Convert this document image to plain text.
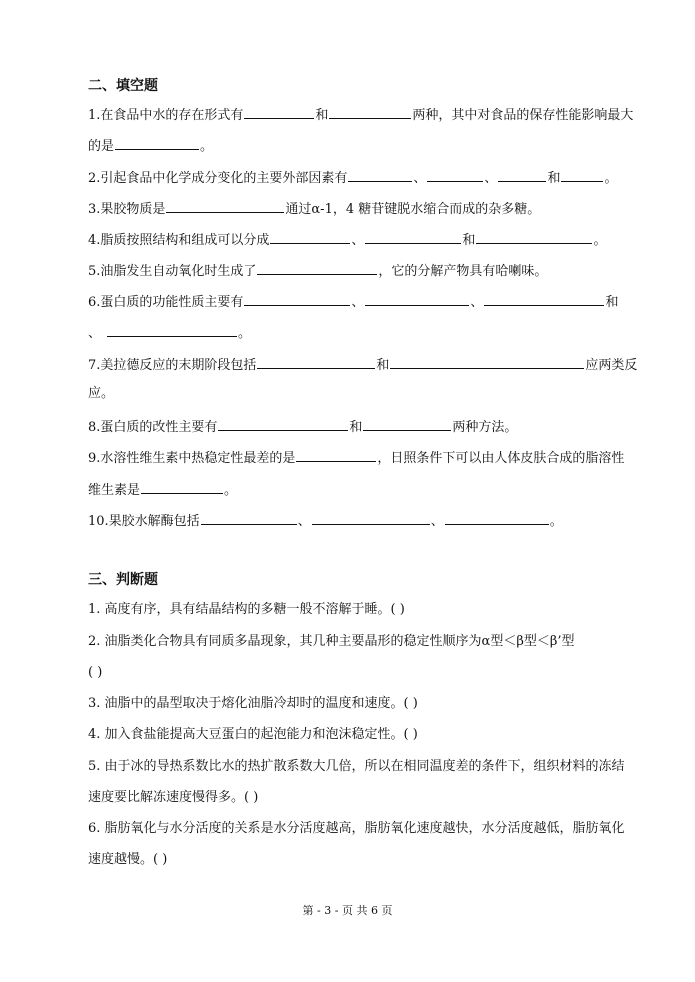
二、填空题
1.在食品中水的存在形式有	和	两种，其中对食品的保存性能影响最大
的是	。
2.引起食品中化学成分变化的主要外部因素有	、	、	和	。
3.果胶物质是	通过α-1，4 糖苷键脱水缩合而成的杂多糖。
4.脂质按照结构和组成可以分成	、	和	。
5.油脂发生自动氧化时生成了	，它的分解产物具有哈喇味。
6.蛋白质的功能性质主要有	、	、	和
、	。
7.美拉德反应的末期阶段包括	和	应两类反
应。
8.蛋白质的改性主要有	和	两种方法。
9.水溶性维生素中热稳定性最差的是	，日照条件下可以由人体皮肤合成的脂溶性
维生素是	。
10.果胶水解酶包括	、	、	。
三、判断题
1. 高度有序，具有结晶结构的多糖一般不溶解于睡。( )
2. 油脂类化合物具有同质多晶现象，其几种主要晶形的稳定性顺序为α型＜β型＜β’型
( )
3. 油脂中的晶型取决于熔化油脂冷却时的温度和速度。( )
4. 加入食盐能提高大豆蛋白的起泡能力和泡沫稳定性。( )
5. 由于冰的导热系数比水的热扩散系数大几倍，所以在相同温度差的条件下，组织材料的冻结
速度要比解冻速度慢得多。( )
6. 脂肪氧化与水分活度的关系是水分活度越高，脂肪氧化速度越快，水分活度越低，脂肪氧化
速度越慢。( )
第 - 3 - 页 共 6 页
